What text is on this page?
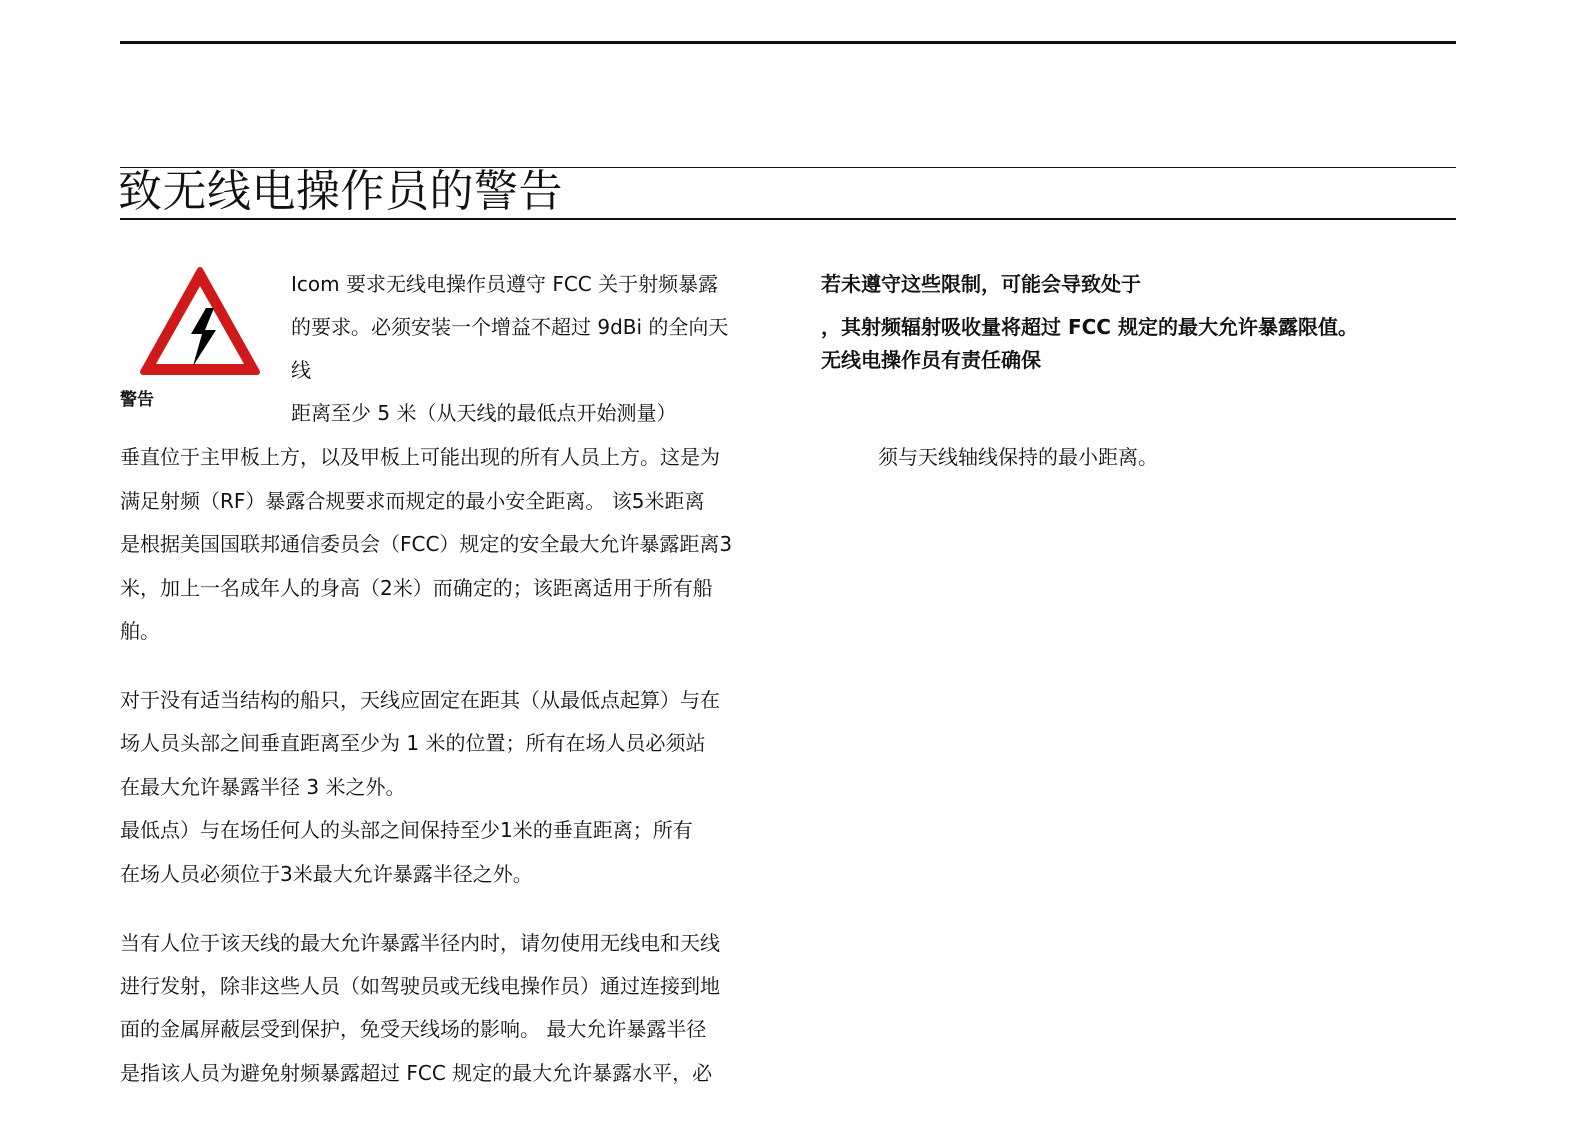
致无线电操作员的警告
警告
Icom 要求无线电操作员遵守 FCC 关于射频暴露
的要求。必须安装一个增益不超过 9dBi 的全向天
线
距离至少 5 米（从天线的最低点开始测量）
垂直位于主甲板上方，以及甲板上可能出现的所有人员上方。这是为
满足射频（RF）暴露合规要求而规定的最小安全距离。 该5米距离
是根据美国国联邦通信委员会（FCC）规定的安全最大允许暴露距离3
米，加上一名成年人的身高（2米）而确定的；该距离适用于所有船
舶。
对于没有适当结构的船只，天线应固定在距其（从最低点起算）与在
场人员头部之间垂直距离至少为 1 米的位置；所有在场人员必须站
在最大允许暴露半径 3 米之外。
最低点）与在场任何人的头部之间保持至少1米的垂直距离；所有
在场人员必须位于3米最大允许暴露半径之外。
当有人位于该天线的最大允许暴露半径内时，请勿使用无线电和天线
进行发射，除非这些人员（如驾驶员或无线电操作员）通过连接到地
面的金属屏蔽层受到保护，免受天线场的影响。 最大允许暴露半径
是指该人员为避免射频暴露超过 FCC 规定的最大允许暴露水平，必
若未遵守这些限制，可能会导致处于
，其射频辐射吸收量将超过 FCC 规定的最大允许暴露限值。
无线电操作员有责任确保
须与天线轴线保持的最小距离。
